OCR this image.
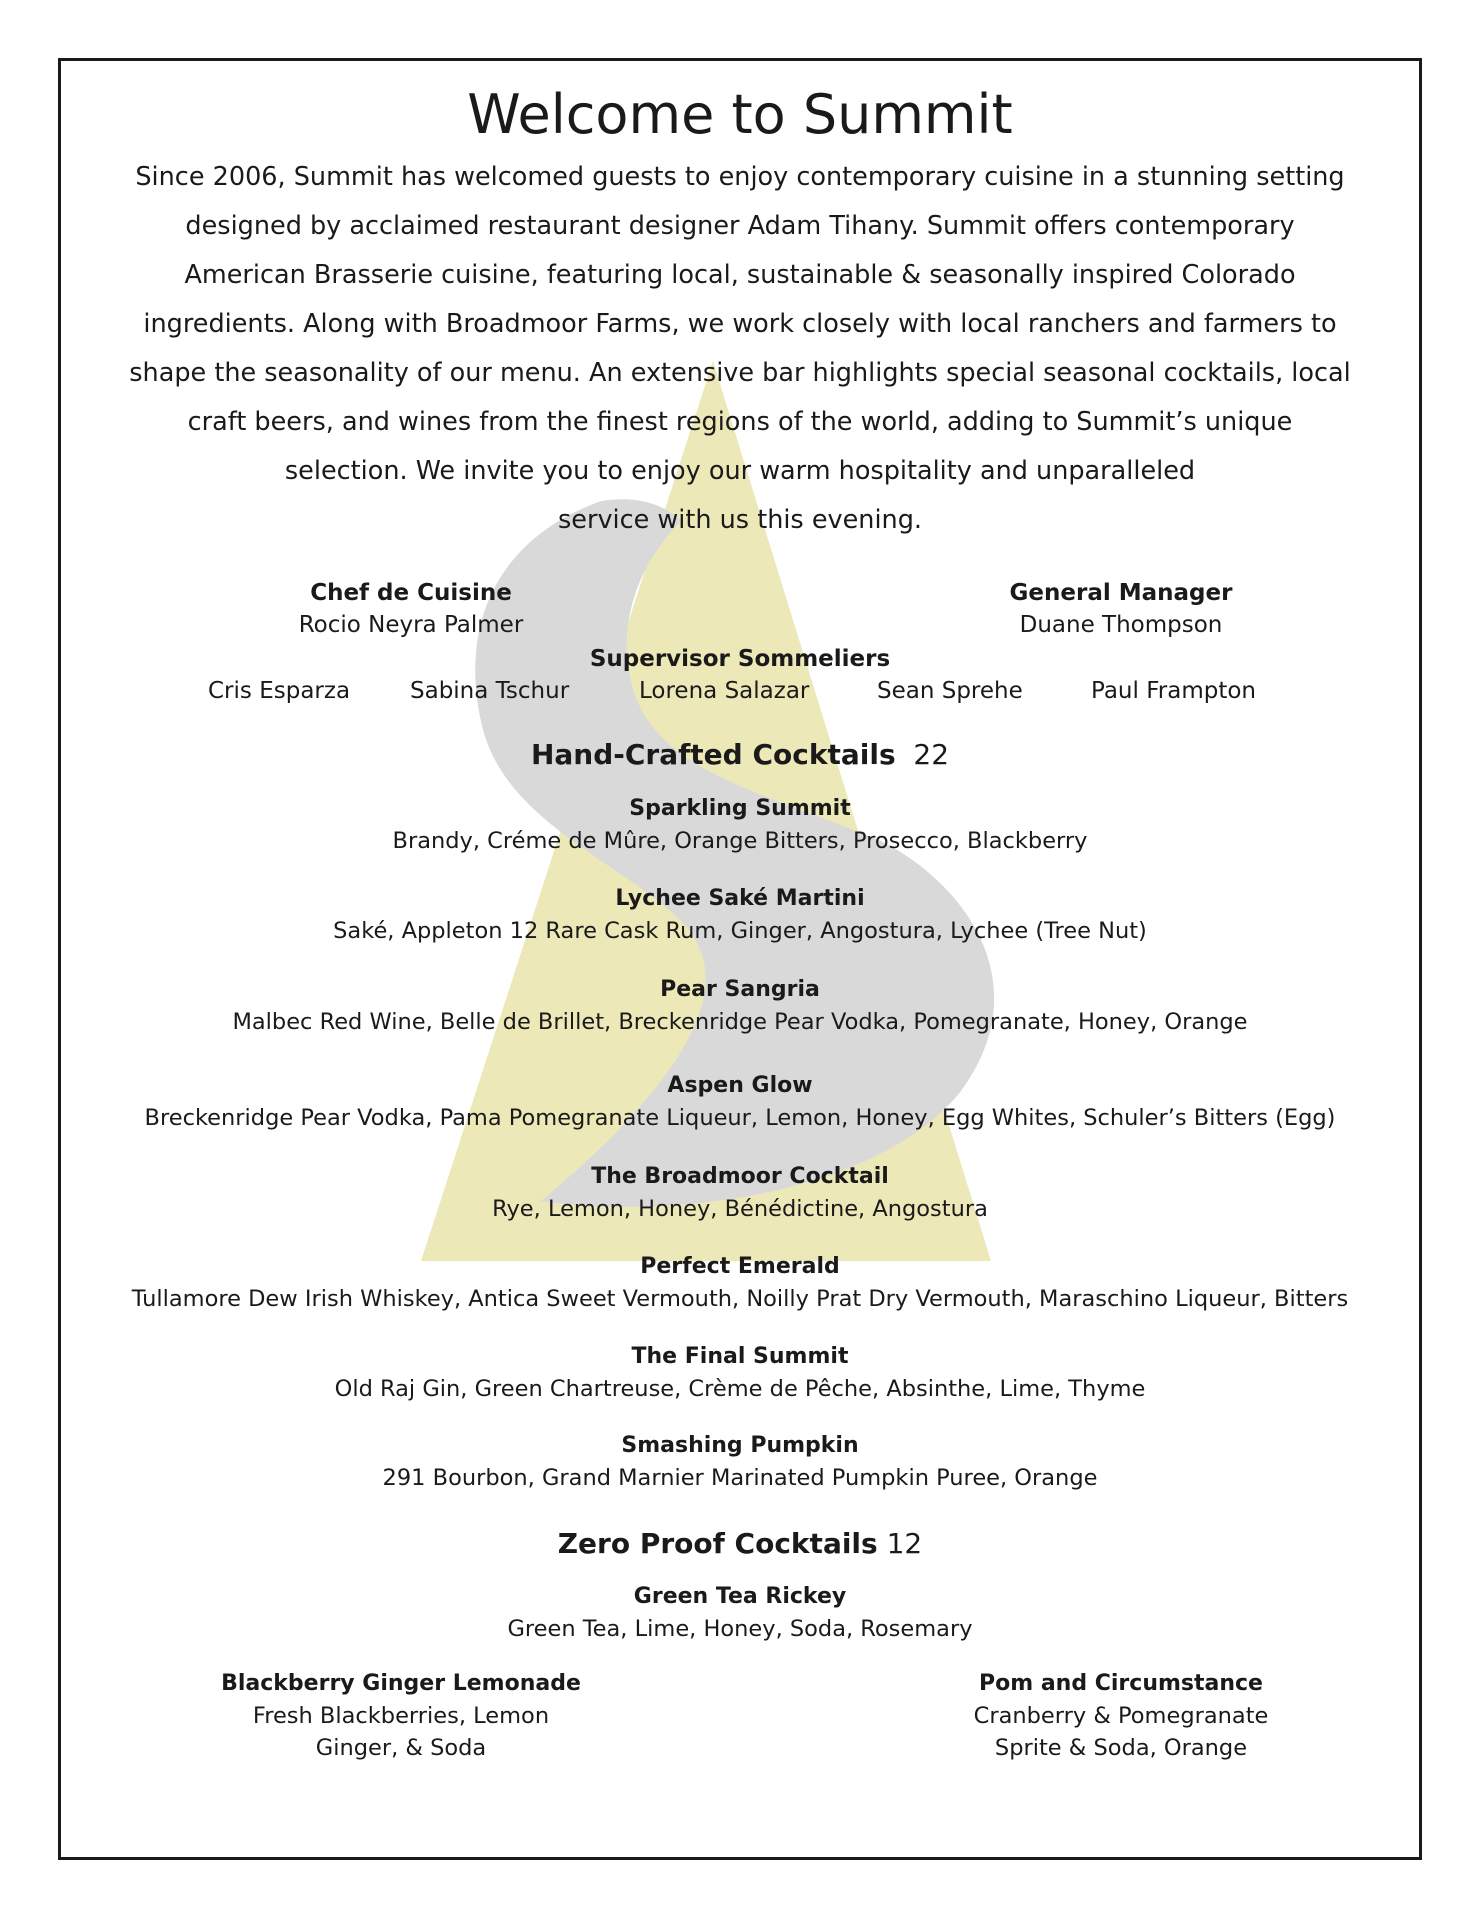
Welcome to Summit
Since 2006, Summit has welcomed guests to enjoy contemporary cuisine in a stunning setting
designed by acclaimed restaurant designer Adam Tihany. Summit offers contemporary
American Brasserie cuisine, featuring local, sustainable & seasonally inspired Colorado
ingredients. Along with Broadmoor Farms, we work closely with local ranchers and farmers to
shape the seasonality of our menu. An extensive bar highlights special seasonal cocktails, local
craft beers, and wines from the finest regions of the world, adding to Summit’s unique
selection. We invite you to enjoy our warm hospitality and unparalleled
service with us this evening.
Chef de Cuisine
Rocio Neyra Palmer
General Manager
Duane Thompson
Supervisor Sommeliers
Cris Esparza	Sabina Tschur	Lorena Salazar	Sean Sprehe	Paul Frampton
Hand-Crafted Cocktails 22
Sparkling Summit
Brandy, Créme de Mûre, Orange Bitters, Prosecco, Blackberry
Lychee Saké Martini
Saké, Appleton 12 Rare Cask Rum, Ginger, Angostura, Lychee (Tree Nut)
Pear Sangria
Malbec Red Wine, Belle de Brillet, Breckenridge Pear Vodka, Pomegranate, Honey, Orange
Aspen Glow
Breckenridge Pear Vodka, Pama Pomegranate Liqueur, Lemon, Honey, Egg Whites, Schuler’s Bitters (Egg)
The Broadmoor Cocktail
Rye, Lemon, Honey, Bénédictine, Angostura
Perfect Emerald
Tullamore Dew Irish Whiskey, Antica Sweet Vermouth, Noilly Prat Dry Vermouth, Maraschino Liqueur, Bitters
The Final Summit
Old Raj Gin, Green Chartreuse, Crème de Pêche, Absinthe, Lime, Thyme
Smashing Pumpkin
291 Bourbon, Grand Marnier Marinated Pumpkin Puree, Orange
Zero Proof Cocktails 12
Green Tea Rickey
Green Tea, Lime, Honey, Soda, Rosemary
Blackberry Ginger Lemonade
Fresh Blackberries, Lemon
Ginger, & Soda
Pom and Circumstance
Cranberry & Pomegranate
Sprite & Soda, Orange
